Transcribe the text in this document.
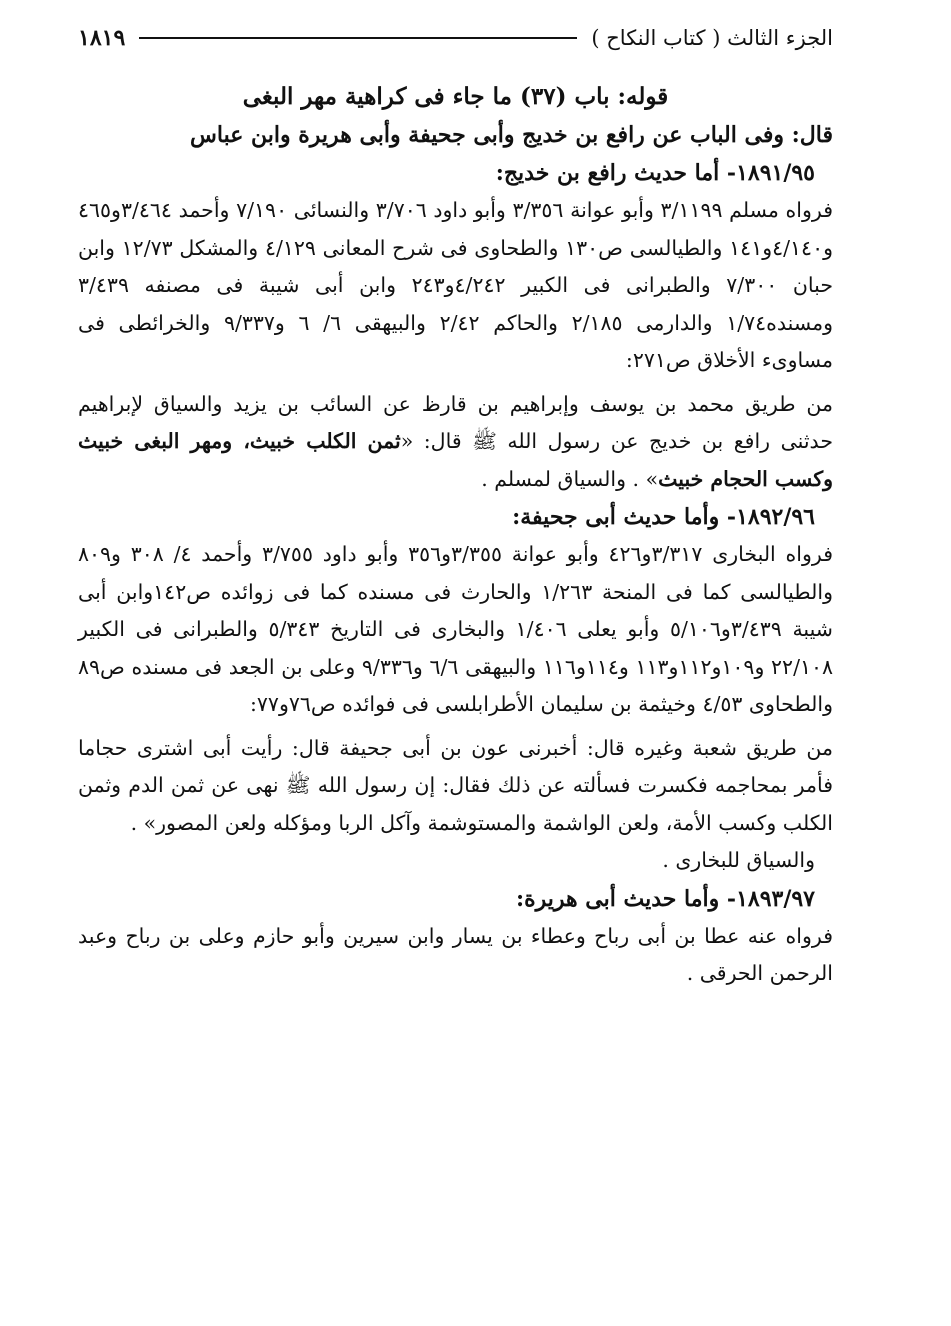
الجزء الثالث ( كتاب النكاح )
١٨١٩
قوله: باب (٣٧) ما جاء فى كراهية مهر البغى
قال: وفى الباب عن رافع بن خديج وأبى جحيفة وأبى هريرة وابن عباس
١٨٩١/٩٥- أما حديث رافع بن خديج:
فرواه مسلم ٣/١١٩٩ وأبو عوانة ٣/٣٥٦ وأبو داود ٣/٧٠٦ والنسائى ٧/١٩٠ وأحمد ٣/٤٦٤و٤٦٥ و٤/١٤٠و١٤١ والطيالسى ص١٣٠ والطحاوى فى شرح المعانى ٤/١٢٩ والمشكل ١٢/٧٣ وابن حبان ٧/٣٠٠ والطبرانى فى الكبير ٤/٢٤٢و٢٤٣ وابن أبى شيبة فى مصنفه ٣/٤٣٩ ومسنده١/٧٤ والدارمى ٢/١٨٥ والحاكم ٢/٤٢ والبيهقى ٦/ ٦ و٩/٣٣٧ والخرائطى فى مساوىء الأخلاق ص٢٧١:
من طريق محمد بن يوسف وإبراهيم بن قارظ عن السائب بن يزيد والسياق لإبراهيم حدثنى رافع بن خديج عن رسول الله ﷺ قال: «ثمن الكلب خبيث، ومهر البغى خبيث وكسب الحجام خبيث» . والسياق لمسلم .
١٨٩٢/٩٦- وأما حديث أبى جحيفة:
فرواه البخارى ٣/٣١٧و٤٢٦ وأبو عوانة ٣/٣٥٥و٣٥٦ وأبو داود ٣/٧٥٥ وأحمد ٤/ ٣٠٨ و٨٠٩ والطيالسى كما فى المنحة ١/٢٦٣ والحارث فى مسنده كما فى زوائده ص١٤٢وابن أبى شيبة ٣/٤٣٩و٥/١٠٦ وأبو يعلى ١/٤٠٦ والبخارى فى التاريخ ٥/٣٤٣ والطبرانى فى الكبير ٢٢/١٠٨ و١٠٩و١١٢و١١٣ و١١٤و١١٦ والبيهقى ٦/٦ و٩/٣٣٦ وعلى بن الجعد فى مسنده ص٨٩ والطحاوى ٤/٥٣ وخيثمة بن سليمان الأطرابلسى فى فوائده ص٧٦و٧٧:
من طريق شعبة وغيره قال: أخبرنى عون بن أبى جحيفة قال: رأيت أبى اشترى حجاما فأمر بمحاجمه فكسرت فسألته عن ذلك فقال: إن رسول الله ﷺ نهى عن ثمن الدم وثمن الكلب وكسب الأمة، ولعن الواشمة والمستوشمة وآكل الربا ومؤكله ولعن المصور» .
والسياق للبخارى .
١٨٩٣/٩٧- وأما حديث أبى هريرة:
فرواه عنه عطا بن أبى رباح وعطاء بن يسار وابن سيرين وأبو حازم وعلى بن رباح وعبد الرحمن الحرقى .
